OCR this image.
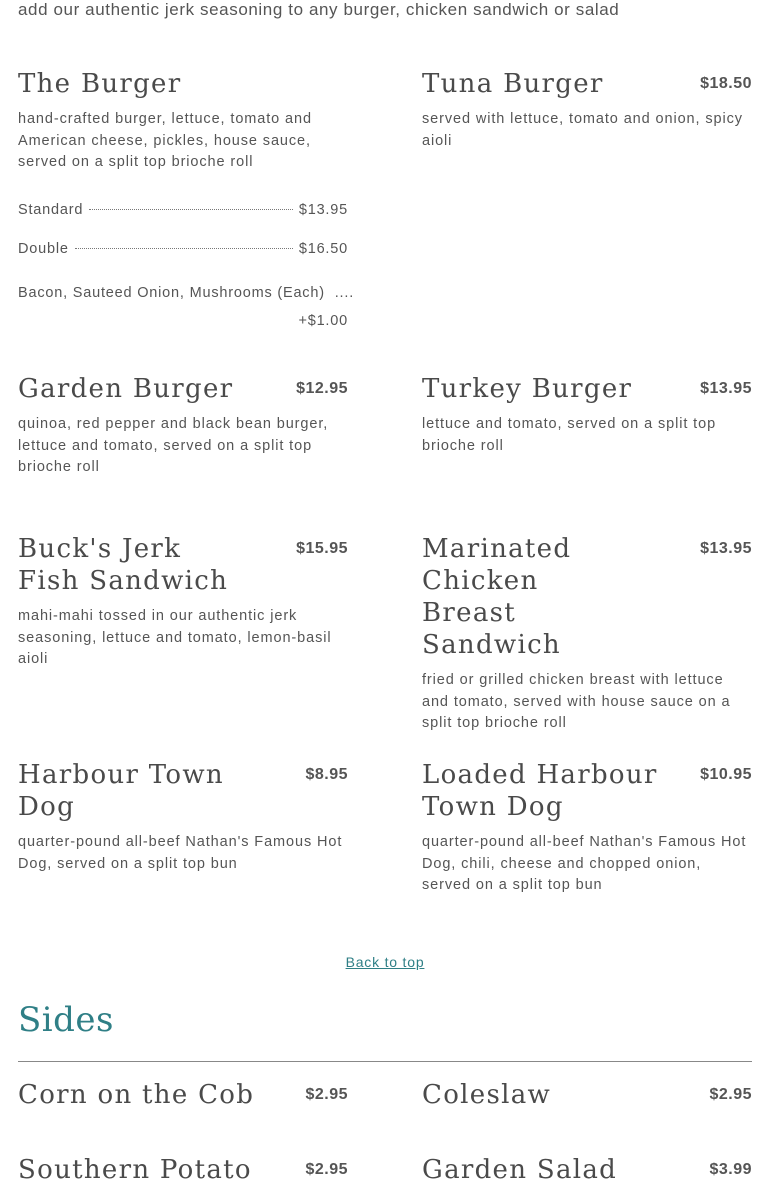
add our authentic jerk seasoning to any burger, chicken sandwich or salad
The Burger
hand-crafted burger, lettuce, tomato and American cheese, pickles, house sauce, served on a split top brioche roll
Standard	$13.95
Double	$16.50
Bacon, Sauteed Onion, Mushrooms (Each) ....
+$1.00
Tuna Burger	$18.50
served with lettuce, tomato and onion, spicy aioli
Garden Burger	$12.95
quinoa, red pepper and black bean burger, lettuce and tomato, served on a split top brioche roll
Turkey Burger	$13.95
lettuce and tomato, served on a split top brioche roll
Buck's Jerk Fish Sandwich
$15.95
mahi-mahi tossed in our authentic jerk seasoning, lettuce and tomato, lemon-basil aioli
Marinated Chicken Breast Sandwich
$13.95
fried or grilled chicken breast with lettuce and tomato, served with house sauce on a split top brioche roll
Harbour Town Dog
$8.95
quarter-pound all-beef Nathan's Famous Hot Dog, served on a split top bun
Loaded Harbour Town Dog
$10.95
quarter-pound all-beef Nathan's Famous Hot Dog, chili, cheese and chopped onion, served on a split top bun
Back to top
Sides
Corn on the Cob	$2.95	Coleslaw	$2.95
Southern Potato	$2.95	Garden Salad	$3.99
